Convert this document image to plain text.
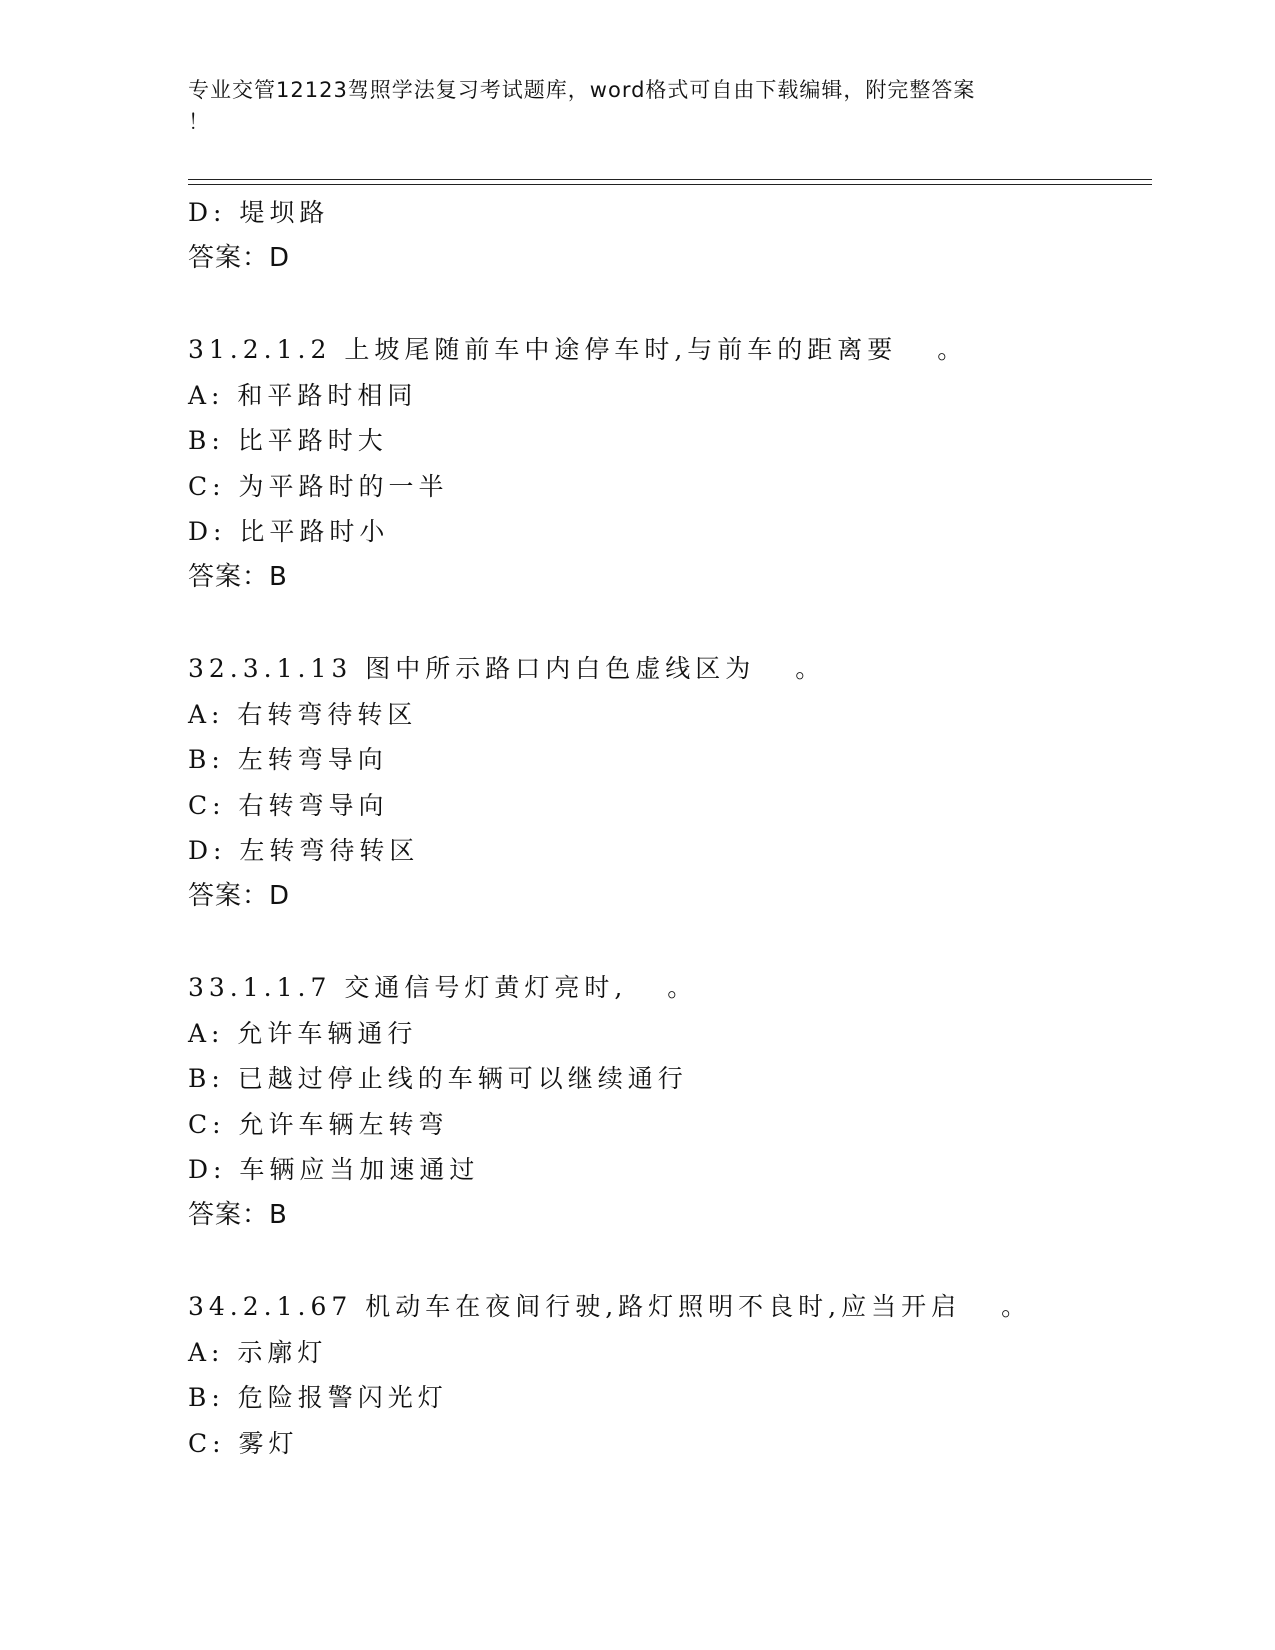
专业交管12123驾照学法复习考试题库，word格式可自由下载编辑，附完整答案
！
D: 堤坝路
答案：D
31.2.1.2 上坡尾随前车中途停车时,与前车的距离要 。
A: 和平路时相同
B: 比平路时大
C: 为平路时的一半
D: 比平路时小
答案：B
32.3.1.13 图中所示路口内白色虚线区为 。
A: 右转弯待转区
B: 左转弯导向
C: 右转弯导向
D: 左转弯待转区
答案：D
33.1.1.7 交通信号灯黄灯亮时, 。
A: 允许车辆通行
B: 已越过停止线的车辆可以继续通行
C: 允许车辆左转弯
D: 车辆应当加速通过
答案：B
34.2.1.67 机动车在夜间行驶,路灯照明不良时,应当开启 。
A: 示廓灯
B: 危险报警闪光灯
C: 雾灯
